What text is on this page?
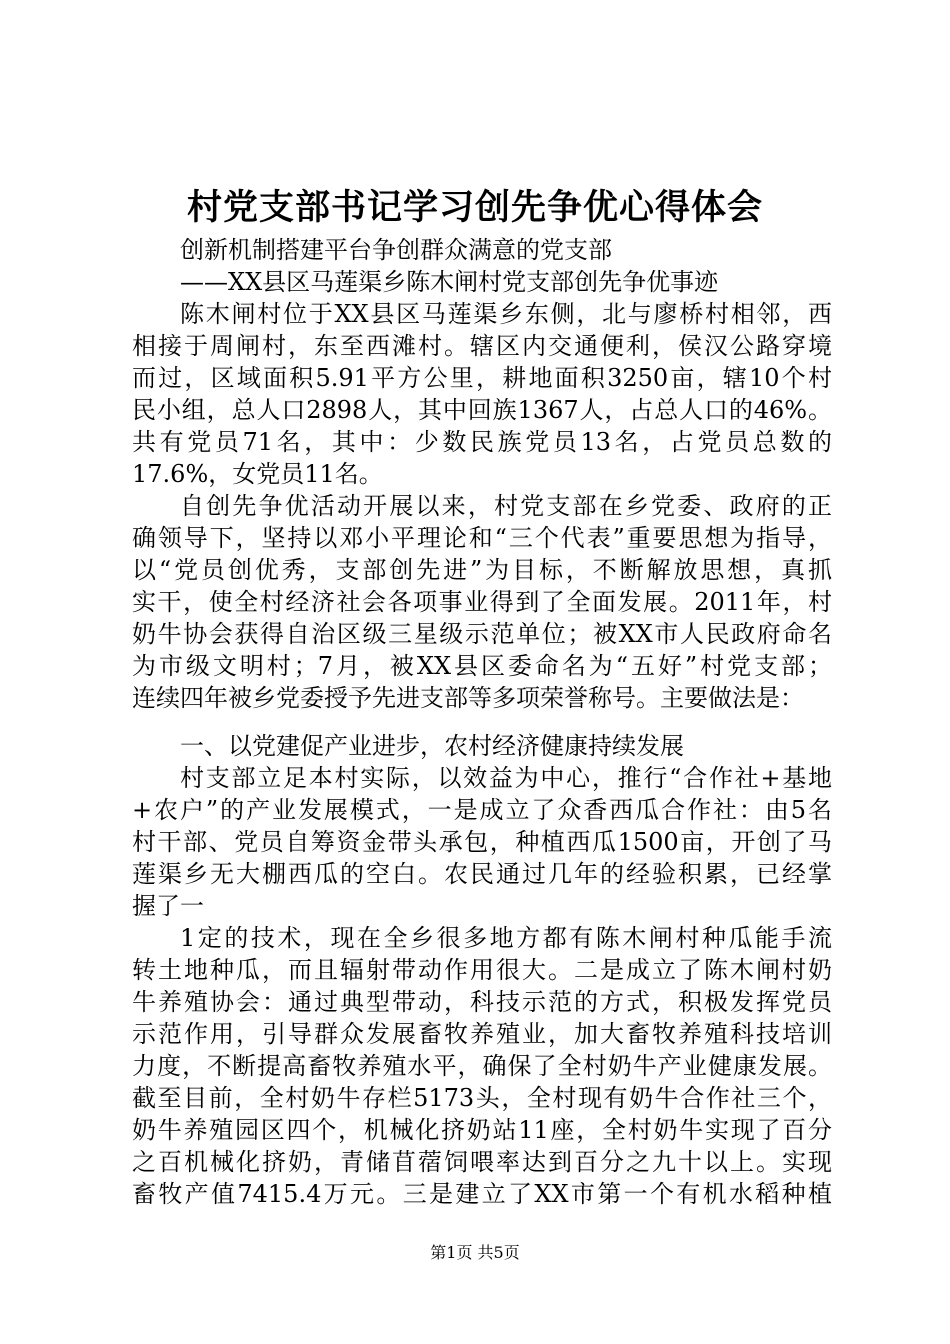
村党支部书记学习创先争优心得体会
创新机制搭建平台争创群众满意的党支部
——XX县区马莲渠乡陈木闸村党支部创先争优事迹
陈木闸村位于XX县区马莲渠乡东侧，北与廖桥村相邻，西
相接于周闸村，东至西滩村。辖区内交通便利，侯汉公路穿境
而过，区域面积5.91平方公里，耕地面积3250亩，辖10个村
民小组，总人口2898人，其中回族1367人，占总人口的46%。
共有党员71名，其中：少数民族党员13名，占党员总数的
17.6%，女党员11名。
自创先争优活动开展以来，村党支部在乡党委、政府的正
确领导下，坚持以邓小平理论和“三个代表”重要思想为指导，
以“党员创优秀，支部创先进”为目标，不断解放思想，真抓
实干，使全村经济社会各项事业得到了全面发展。2011年，村
奶牛协会获得自治区级三星级示范单位；被XX市人民政府命名
为市级文明村；7月，被XX县区委命名为“五好”村党支部；
连续四年被乡党委授予先进支部等多项荣誉称号。主要做法是：
一、以党建促产业进步，农村经济健康持续发展
村支部立足本村实际，以效益为中心，推行“合作社+基地
+农户”的产业发展模式，一是成立了众香西瓜合作社：由5名
村干部、党员自筹资金带头承包，种植西瓜1500亩，开创了马
莲渠乡无大棚西瓜的空白。农民通过几年的经验积累，已经掌
握了一
1定的技术，现在全乡很多地方都有陈木闸村种瓜能手流
转土地种瓜，而且辐射带动作用很大。二是成立了陈木闸村奶
牛养殖协会：通过典型带动，科技示范的方式，积极发挥党员
示范作用，引导群众发展畜牧养殖业，加大畜牧养殖科技培训
力度，不断提高畜牧养殖水平，确保了全村奶牛产业健康发展。
截至目前，全村奶牛存栏5173头，全村现有奶牛合作社三个，
奶牛养殖园区四个，机械化挤奶站11座，全村奶牛实现了百分
之百机械化挤奶，青储苜蓿饲喂率达到百分之九十以上。实现
畜牧产值7415.4万元。三是建立了XX市第一个有机水稻种植
第1页 共5页
